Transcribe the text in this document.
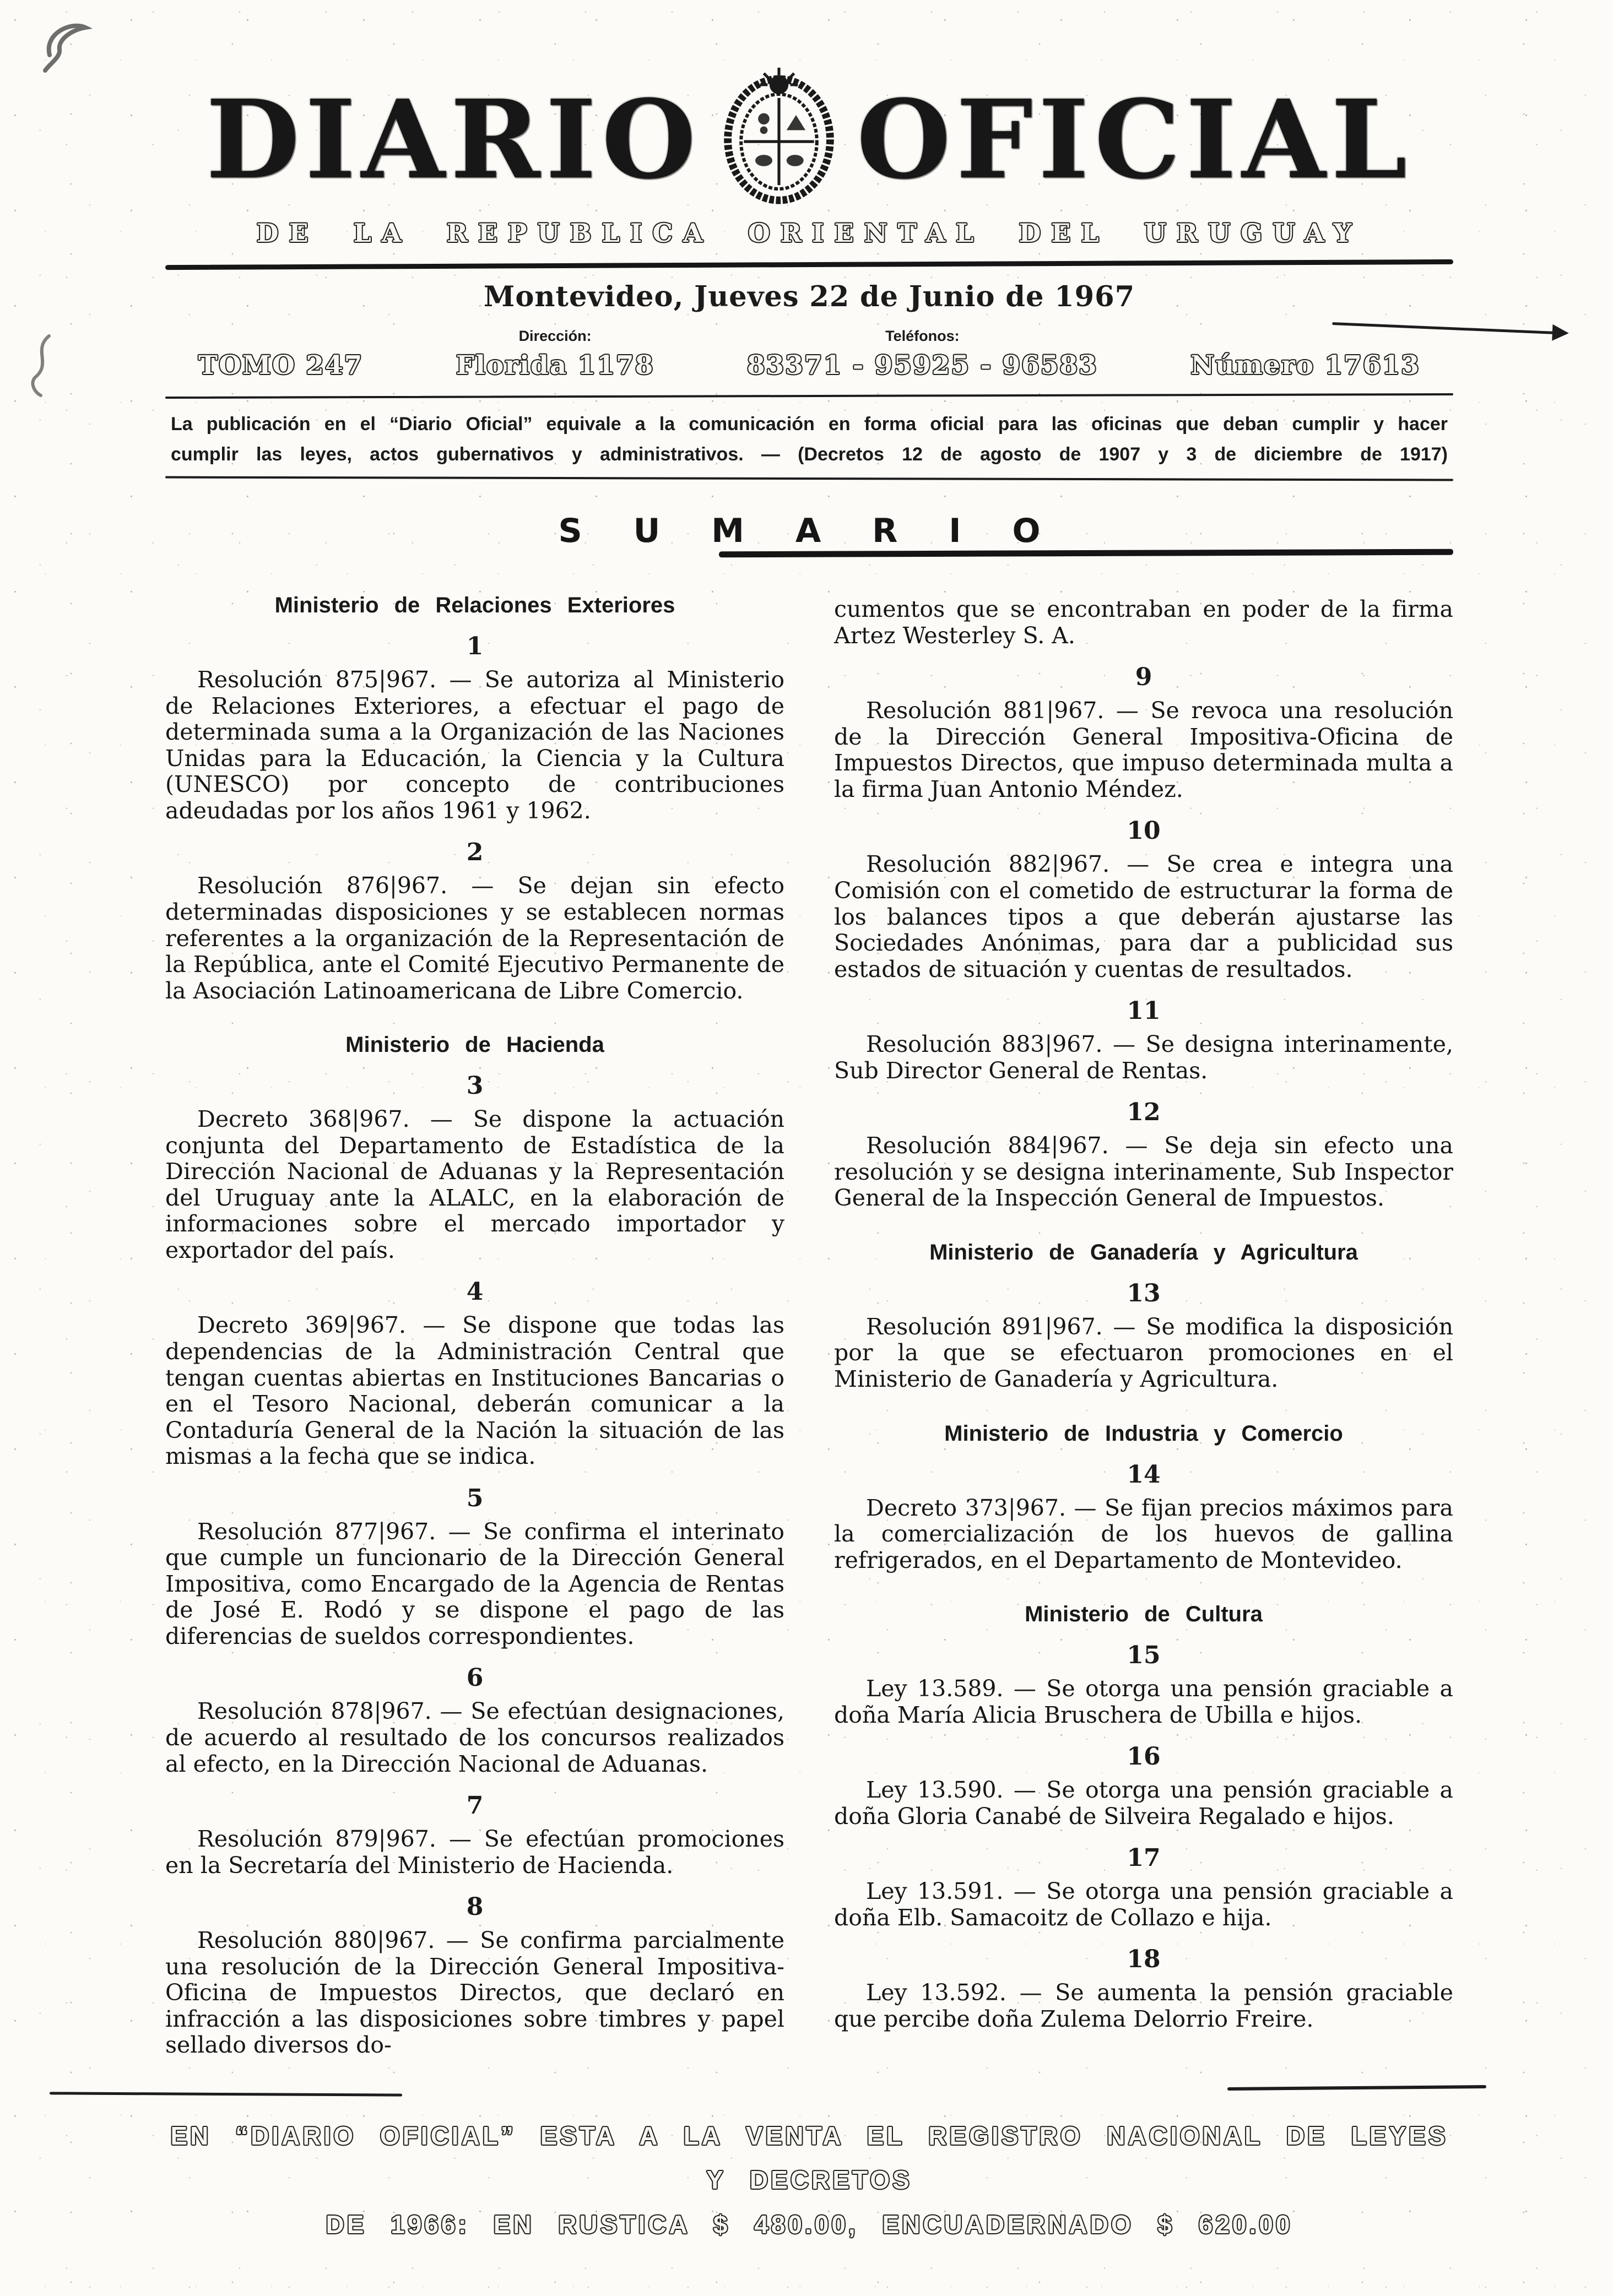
DIARIO OFICIAL
DE LA REPUBLICA ORIENTAL DEL URUGUAY
Montevideo, Jueves 22 de Junio de 1967
TOMO 247
Dirección:
Florida 1178
Teléfonos:
83371 - 95925 - 96583	Número 17613

La publicación en el “Diario Oficial” equivale a la comunicación en forma oficial para las oficinas que deban cumplir y hacer cumplir las leyes, actos gubernativos y administrativos. — (Decretos 12 de agosto de 1907 y 3 de diciembre de 1917)

S U M A R I O
Ministerio de Relaciones Exteriores
1

Resolución 875|967. — Se autoriza al Ministerio de Relaciones Exteriores, a efectuar el pago de determinada suma a la Organización de las Naciones Unidas para la Educación, la Ciencia y la Cultura (UNESCO) por concepto de contribuciones adeudadas por los años 1961 y 1962.

2

Resolución 876|967. — Se dejan sin efecto determinadas disposiciones y se establecen normas referentes a la organización de la Representación de la República, ante el Comité Ejecutivo Permanente de la Asociación Latinoamericana de Libre Comercio.

Ministerio de Hacienda
3

Decreto 368|967. — Se dispone la actuación conjunta del Departamento de Estadística de la Dirección Nacional de Aduanas y la Representación del Uruguay ante la ALALC, en la elaboración de informaciones sobre el mercado importador y exportador del país.

4

Decreto 369|967. — Se dispone que todas las dependencias de la Administración Central que tengan cuentas abiertas en Instituciones Bancarias o en el Tesoro Nacional, deberán comunicar a la Contaduría General de la Nación la situación de las mismas a la fecha que se indica.

5

Resolución 877|967. — Se confirma el interinato que cumple un funcionario de la Dirección General Impositiva, como Encargado de la Agencia de Rentas de José E. Rodó y se dispone el pago de las diferencias de sueldos correspondientes.

6

Resolución 878|967. — Se efectúan designaciones, de acuerdo al resultado de los concursos realizados al efecto, en la Dirección Nacional de Aduanas.

7

Resolución 879|967. — Se efectúan promociones en la Secretaría del Ministerio de Hacienda.

8

Resolución 880|967. — Se confirma parcialmente una resolución de la Dirección General Impositiva-Oficina de Impuestos Directos, que declaró en infracción a las disposiciones sobre timbres y papel sellado diversos do-

cumentos que se encontraban en poder de la firma Artez Westerley S. A.

9

Resolución 881|967. — Se revoca una resolución de la Dirección General Impositiva-Oficina de Impuestos Directos, que impuso determinada multa a la firma Juan Antonio Méndez.

10

Resolución 882|967. — Se crea e integra una Comisión con el cometido de estructurar la forma de los balances tipos a que deberán ajustarse las Sociedades Anónimas, para dar a publicidad sus estados de situación y cuentas de resultados.

11

Resolución 883|967. — Se designa interinamente, Sub Director General de Rentas.

12

Resolución 884|967. — Se deja sin efecto una resolución y se designa interinamente, Sub Inspector General de la Inspección General de Impuestos.

Ministerio de Ganadería y Agricultura
13

Resolución 891|967. — Se modifica la disposición por la que se efectuaron promociones en el Ministerio de Ganadería y Agricultura.

Ministerio de Industria y Comercio
14

Decreto 373|967. — Se fijan precios máximos para la comercialización de los huevos de gallina refrigerados, en el Departamento de Montevideo.

Ministerio de Cultura
15

Ley 13.589. — Se otorga una pensión graciable a doña María Alicia Bruschera de Ubilla e hijos.

16

Ley 13.590. — Se otorga una pensión graciable a doña Gloria Canabé de Silveira Regalado e hijos.

17

Ley 13.591. — Se otorga una pensión graciable a doña Elb. Samacoitz de Collazo e hija.

18

Ley 13.592. — Se aumenta la pensión graciable que percibe doña Zulema Delorrio Freire.

EN “DIARIO OFICIAL” ESTA A LA VENTA EL REGISTRO NACIONAL DE LEYES Y DECRETOS
DE 1966: EN RUSTICA $ 480.00, ENCUADERNADO $ 620.00
